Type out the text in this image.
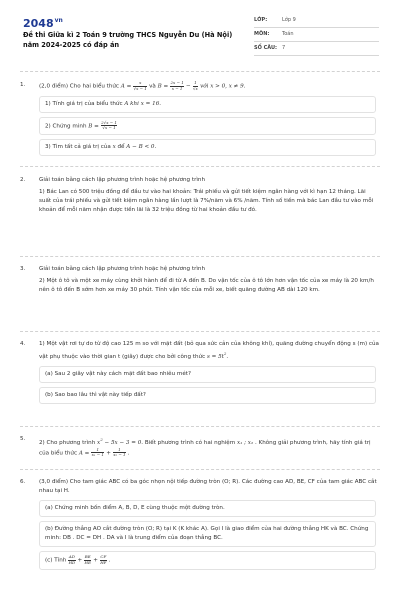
$2048^{vn}$
Đề thi Giữa kì 2 Toán 9 trường THCS Nguyễn Du (Hà Nội) năm 2024-2025 có đáp án
LỚP:	Lớp 9
MÔN:	Toán
SỐ CÂU: 7
1. (2,0 điểm) Cho hai biểu thức $A = \frac{x}{√x - 1}$ và $B = \frac{2x - 1}{x - 1} - \frac{1}{√x}$ với x > 0, x ≠ 9.
1) Tính giá trị của biểu thức A khi x = 16.
2) Chứng minh $B = \frac{2√x - 1}{√x - 1}$
3) Tìm tất cả giá trị của x để A − B < 0.
2. Giải toán bằng cách lập phương trình hoặc hệ phương trình
1) Bác Lan có 500 triệu đồng để đầu tư vào hai khoản: Trái phiếu và gửi tiết kiệm ngân hàng với kì hạn 12 tháng. Lãi suất của trái phiếu và gửi tiết kiệm ngân hàng lần lượt là 7%/năm và 6% /năm. Tính số tiền mà bác Lan đầu tư vào mỗi khoản để mỗi năm nhận được tiền lãi là 32 triệu đồng từ hai khoản đầu tư đó.
3. Giải toán bằng cách lập phương trình hoặc hệ phương trình
2) Một ô tô và một xe máy cùng khởi hành để đi từ A đến B. Do vận tốc của ô tô lớn hơn vận tốc của xe máy là 20 km/h nên ô tô đến B sớm hơn xe máy 30 phút. Tính vận tốc của mỗi xe, biết quãng đường AB dài 120 km.
4. 1) Một vật rơi tự do từ độ cao 125 m so với mặt đất (bỏ qua sức cản của không khí), quãng đường chuyển động s (m) của vật phụ thuộc vào thời gian t (giây) được cho bởi công thức $s = 5t^2$.
(a) Sau 2 giây vật này cách mặt đất bao nhiêu mét?
(b) Sao bao lâu thì vật này tiếp đất?
5.
2) Cho phương trình $x^2 - 5x - 3 = 0$. Biết phương trình có hai nghiệm x₁ ; x₂ . Không giải phương trình, hãy tính giá trị của biểu thức $A = \frac{1}{\text{x₁ − 1}} + \frac{1}{\text{x₂ − 1}}$ .
6. (3,0 điểm) Cho tam giác ABC có ba góc nhọn nội tiếp đường tròn (O; R). Các đường cao AD, BE, CF của tam giác ABC cắt nhau tại H.
(a) Chứng minh bốn điểm A, B, D, E cùng thuộc một đường tròn.
(b) Đường thẳng AO cắt đường tròn (O; R) tại K (K khác A). Gọi I là giao điểm của hai đường thẳng HK và BC. Chứng minh: DB . DC = DH . DA và I là trung điểm của đoạn thẳng BC.
(c) Tính $\frac{AD}{HD} + \frac{BE}{HE} + \frac{CF}{HF}$ .
